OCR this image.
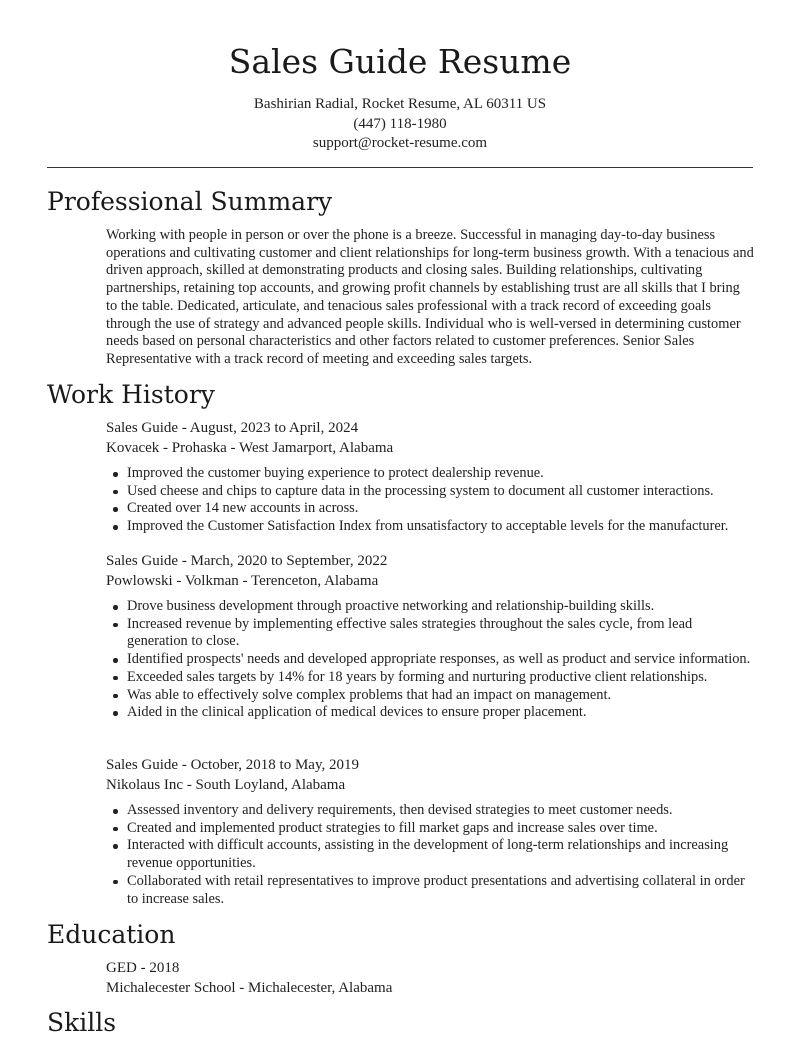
Sales Guide Resume
Bashirian Radial, Rocket Resume, AL 60311 US
(447) 118-1980
support@rocket-resume.com
Professional Summary

Working with people in person or over the phone is a breeze. Successful in managing day-to-day business operations and cultivating customer and client relationships for long-term business growth. With a tenacious and driven approach, skilled at demonstrating products and closing sales. Building relationships, cultivating partnerships, retaining top accounts, and growing profit channels by establishing trust are all skills that I bring to the table. Dedicated, articulate, and tenacious sales professional with a track record of exceeding goals through the use of strategy and advanced people skills. Individual who is well-versed in determining customer needs based on personal characteristics and other factors related to customer preferences. Senior Sales Representative with a track record of meeting and exceeding sales targets.

Work History
Sales Guide - August, 2023 to April, 2024
Kovacek - Prohaska - West Jamarport, Alabama
Improved the customer buying experience to protect dealership revenue.
Used cheese and chips to capture data in the processing system to document all customer interactions.
Created over 14 new accounts in across.
Improved the Customer Satisfaction Index from unsatisfactory to acceptable levels for the manufacturer.
Sales Guide - March, 2020 to September, 2022
Powlowski - Volkman - Terenceton, Alabama
Drove business development through proactive networking and relationship-building skills.
Increased revenue by implementing effective sales strategies throughout the sales cycle, from lead generation to close.
Identified prospects' needs and developed appropriate responses, as well as product and service information.
Exceeded sales targets by 14% for 18 years by forming and nurturing productive client relationships.
Was able to effectively solve complex problems that had an impact on management.
Aided in the clinical application of medical devices to ensure proper placement.
Sales Guide - October, 2018 to May, 2019
Nikolaus Inc - South Loyland, Alabama
Assessed inventory and delivery requirements, then devised strategies to meet customer needs.
Created and implemented product strategies to fill market gaps and increase sales over time.
Interacted with difficult accounts, assisting in the development of long-term relationships and increasing revenue opportunities.
Collaborated with retail representatives to improve product presentations and advertising collateral in order to increase sales.
Education
GED - 2018
Michalecester School - Michalecester, Alabama
Skills
